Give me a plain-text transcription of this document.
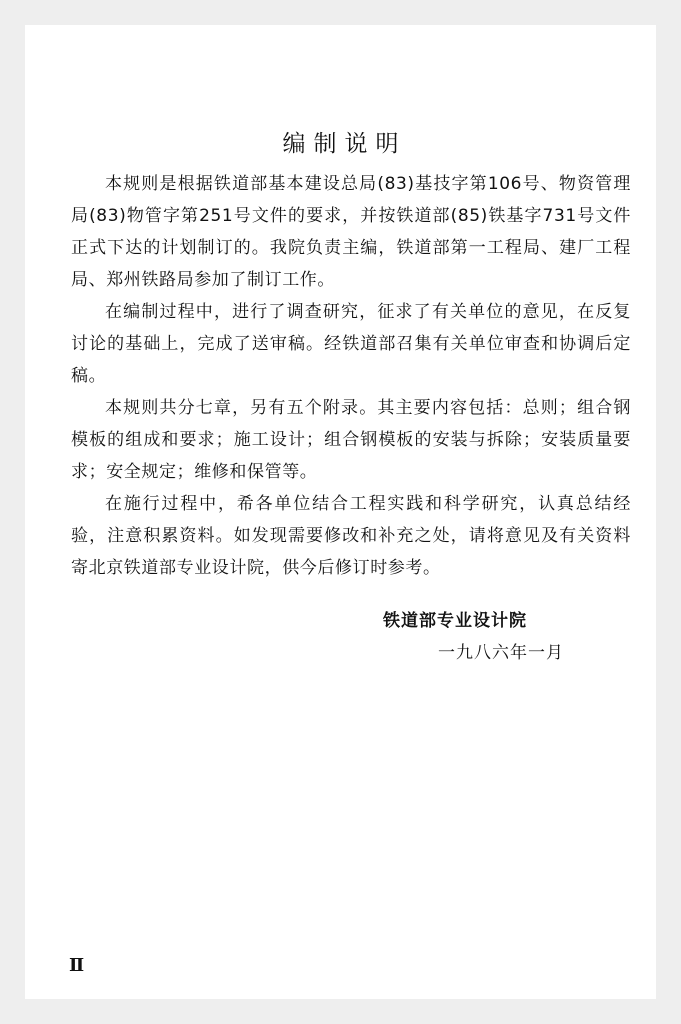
编制说明

本规则是根据铁道部基本建设总局(83)基技字第106号、物资管理局(83)物管字第251号文件的要求，并按铁道部(85)铁基字731号文件正式下达的计划制订的。我院负责主编，铁道部第一工程局、建厂工程局、郑州铁路局参加了制订工作。

在编制过程中，进行了调查研究，征求了有关单位的意见，在反复讨论的基础上，完成了送审稿。经铁道部召集有关单位审查和协调后定稿。

本规则共分七章，另有五个附录。其主要内容包括：总则；组合钢模板的组成和要求；施工设计；组合钢模板的安装与拆除；安装质量要求；安全规定；维修和保管等。

在施行过程中，希各单位结合工程实践和科学研究，认真总结经验，注意积累资料。如发现需要修改和补充之处，请将意见及有关资料寄北京铁道部专业设计院，供今后修订时参考。

铁道部专业设计院
一九八六年一月
Ⅱ
